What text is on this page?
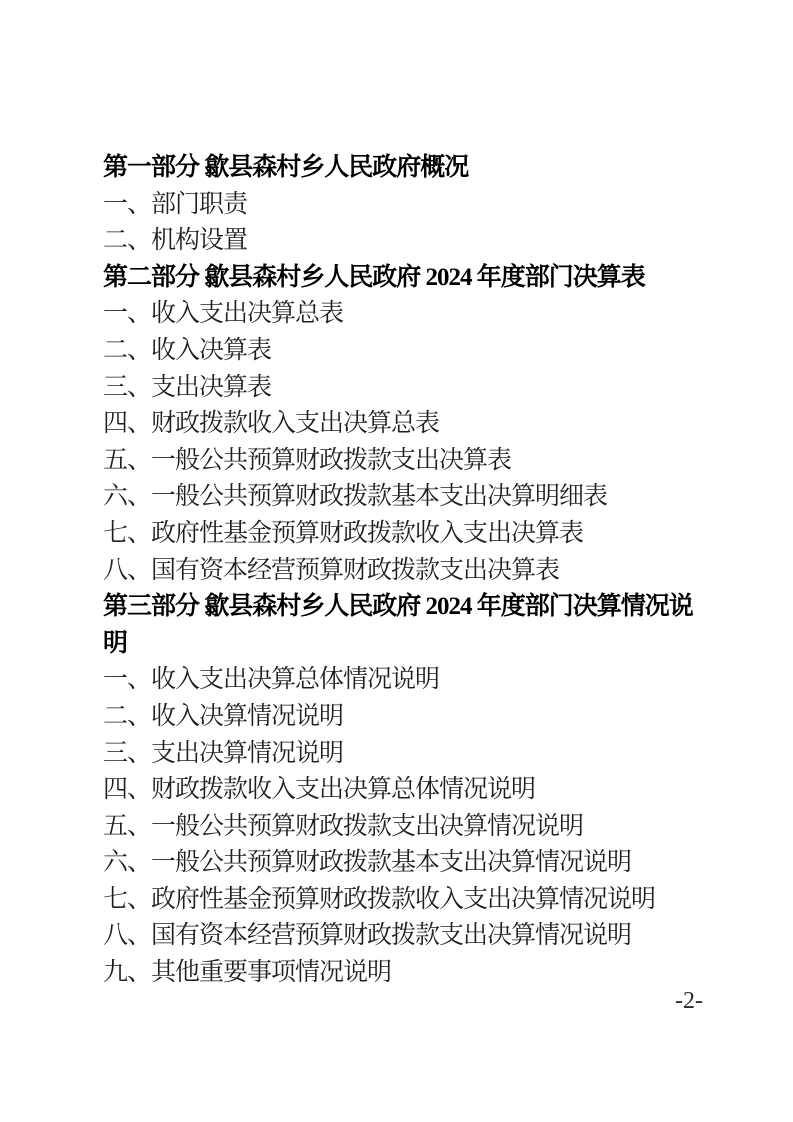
第一部分 歙县森村乡人民政府概况
一、部门职责
二、机构设置
第二部分 歙县森村乡人民政府 2024 年度部门决算表
一、收入支出决算总表
二、收入决算表
三、支出决算表
四、财政拨款收入支出决算总表
五、一般公共预算财政拨款支出决算表
六、一般公共预算财政拨款基本支出决算明细表
七、政府性基金预算财政拨款收入支出决算表
八、国有资本经营预算财政拨款支出决算表
第三部分 歙县森村乡人民政府 2024 年度部门决算情况说明
一、收入支出决算总体情况说明
二、收入决算情况说明
三、支出决算情况说明
四、财政拨款收入支出决算总体情况说明
五、一般公共预算财政拨款支出决算情况说明
六、一般公共预算财政拨款基本支出决算情况说明
七、政府性基金预算财政拨款收入支出决算情况说明
八、国有资本经营预算财政拨款支出决算情况说明
九、其他重要事项情况说明
-2-
